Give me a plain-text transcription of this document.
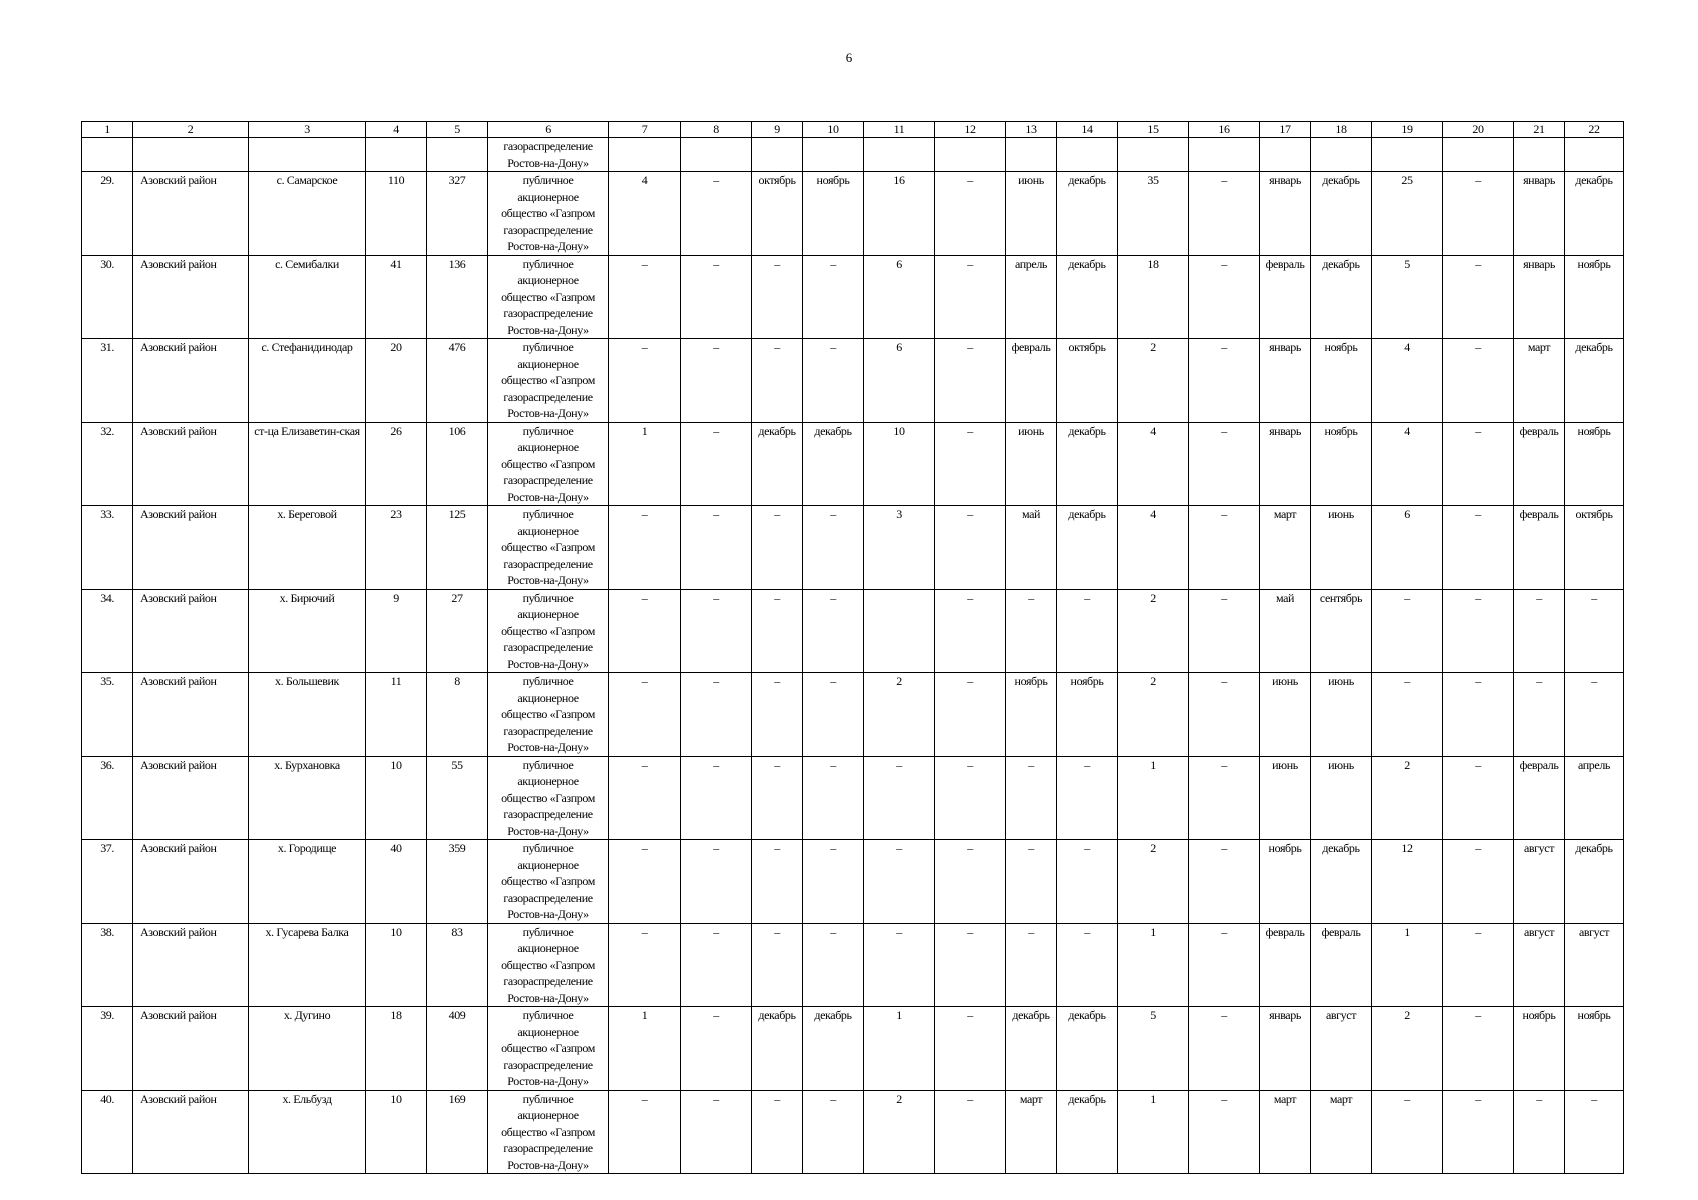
6
1	2	3	4	5	6	7	8	9	10	11	12	13	14	15	16	17	18	19	20	21	22

					газораспределение
Ростов-на-Дону»																

29.	Азовский район	с. Самарское	110	327	публичное
акционерное
общество «Газпром
газораспределение
Ростов-на-Дону»	4	–	октябрь	ноябрь	16	–	июнь	декабрь	35	–	январь	декабрь	25	–	январь	декабрь
30.	Азовский район	с. Семибалки	41	136	публичное
акционерное
общество «Газпром
газораспределение
Ростов-на-Дону»	–	–	–	–	6	–	апрель	декабрь	18	–	февраль	декабрь	5	–	январь	ноябрь
31.	Азовский район	с. Стефанидинодар	20	476	публичное
акционерное
общество «Газпром
газораспределение
Ростов-на-Дону»	–	–	–	–	6	–	февраль	октябрь	2	–	январь	ноябрь	4	–	март	декабрь
32.	Азовский район	ст-ца Елизаветин-ская	26	106	публичное
акционерное
общество «Газпром
газораспределение
Ростов-на-Дону»	1	–	декабрь	декабрь	10	–	июнь	декабрь	4	–	январь	ноябрь	4	–	февраль	ноябрь
33.	Азовский район	х. Береговой	23	125	публичное
акционерное
общество «Газпром
газораспределение
Ростов-на-Дону»	–	–	–	–	3	–	май	декабрь	4	–	март	июнь	6	–	февраль	октябрь
34.	Азовский район	х. Бирючий	9	27	публичное
акционерное
общество «Газпром
газораспределение
Ростов-на-Дону»	–	–	–	–		–	–	–	2	–	май	сентябрь	–	–	–	–
35.	Азовский район	х. Большевик	11	8	публичное
акционерное
общество «Газпром
газораспределение
Ростов-на-Дону»	–	–	–	–	2	–	ноябрь	ноябрь	2	–	июнь	июнь	–	–	–	–
36.	Азовский район	х. Бурхановка	10	55	публичное
акционерное
общество «Газпром
газораспределение
Ростов-на-Дону»	–	–	–	–	–	–	–	–	1	–	июнь	июнь	2	–	февраль	апрель
37.	Азовский район	х. Городище	40	359	публичное
акционерное
общество «Газпром
газораспределение
Ростов-на-Дону»	–	–	–	–	–	–	–	–	2	–	ноябрь	декабрь	12	–	август	декабрь
38.	Азовский район	х. Гусарева Балка	10	83	публичное
акционерное
общество «Газпром
газораспределение
Ростов-на-Дону»	–	–	–	–	–	–	–	–	1	–	февраль	февраль	1	–	август	август
39.	Азовский район	х. Дугино	18	409	публичное
акционерное
общество «Газпром
газораспределение
Ростов-на-Дону»	1	–	декабрь	декабрь	1	–	декабрь	декабрь	5	–	январь	август	2	–	ноябрь	ноябрь
40.	Азовский район	х. Ельбузд	10	169	публичное
акционерное
общество «Газпром
газораспределение
Ростов-на-Дону»	–	–	–	–	2	–	март	декабрь	1	–	март	март	–	–	–	–
